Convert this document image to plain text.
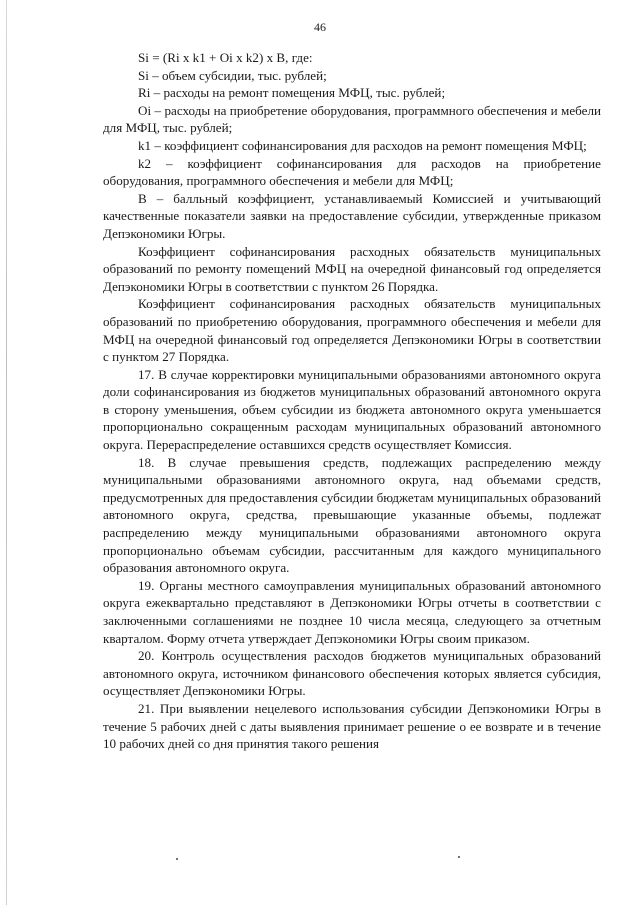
46

Si = (Ri x k1 + Oi x k2) x B, где:

Si – объем субсидии, тыс. рублей;

Ri – расходы на ремонт помещения МФЦ, тыс. рублей;

Oi – расходы на приобретение оборудования, программного обеспечения и мебели для МФЦ, тыс. рублей;

k1 – коэффициент софинансирования для расходов на ремонт помещения МФЦ;

k2 – коэффициент софинансирования для расходов на приобретение оборудования, программного обеспечения и мебели для МФЦ;

B – балльный коэффициент, устанавливаемый Комиссией и учитывающий качественные показатели заявки на предоставление субсидии, утвержденные приказом Депэкономики Югры.

Коэффициент софинансирования расходных обязательств муниципальных образований по ремонту помещений МФЦ на очередной финансовый год определяется Депэкономики Югры в соответствии с пунктом 26 Порядка.

Коэффициент софинансирования расходных обязательств муниципальных образований по приобретению оборудования, программного обеспечения и мебели для МФЦ на очередной финансовый год определяется Депэкономики Югры в соответствии с пунктом 27 Порядка.

17. В случае корректировки муниципальными образованиями автономного округа доли софинансирования из бюджетов муниципальных образований автономного округа в сторону уменьшения, объем субсидии из бюджета автономного округа уменьшается пропорционально сокращенным расходам муниципальных образований автономного округа. Перераспределение оставшихся средств осуществляет Комиссия.

18. В случае превышения средств, подлежащих распределению между муниципальными образованиями автономного округа, над объемами средств, предусмотренных для предоставления субсидии бюджетам муниципальных образований автономного округа, средства, превышающие указанные объемы, подлежат распределению между муниципальными образованиями автономного округа пропорционально объемам субсидии, рассчитанным для каждого муниципального образования автономного округа.

19. Органы местного самоуправления муниципальных образований автономного округа ежеквартально представляют в Депэкономики Югры отчеты в соответствии с заключенными соглашениями не позднее 10 числа месяца, следующего за отчетным кварталом. Форму отчета утверждает Депэкономики Югры своим приказом.

20. Контроль осуществления расходов бюджетов муниципальных образований автономного округа, источником финансового обеспечения которых является субсидия, осуществляет Депэкономики Югры.

21. При выявлении нецелевого использования субсидии Депэкономики Югры в течение 5 рабочих дней с даты выявления принимает решение о ее возврате и в течение 10 рабочих дней со дня принятия такого решения
